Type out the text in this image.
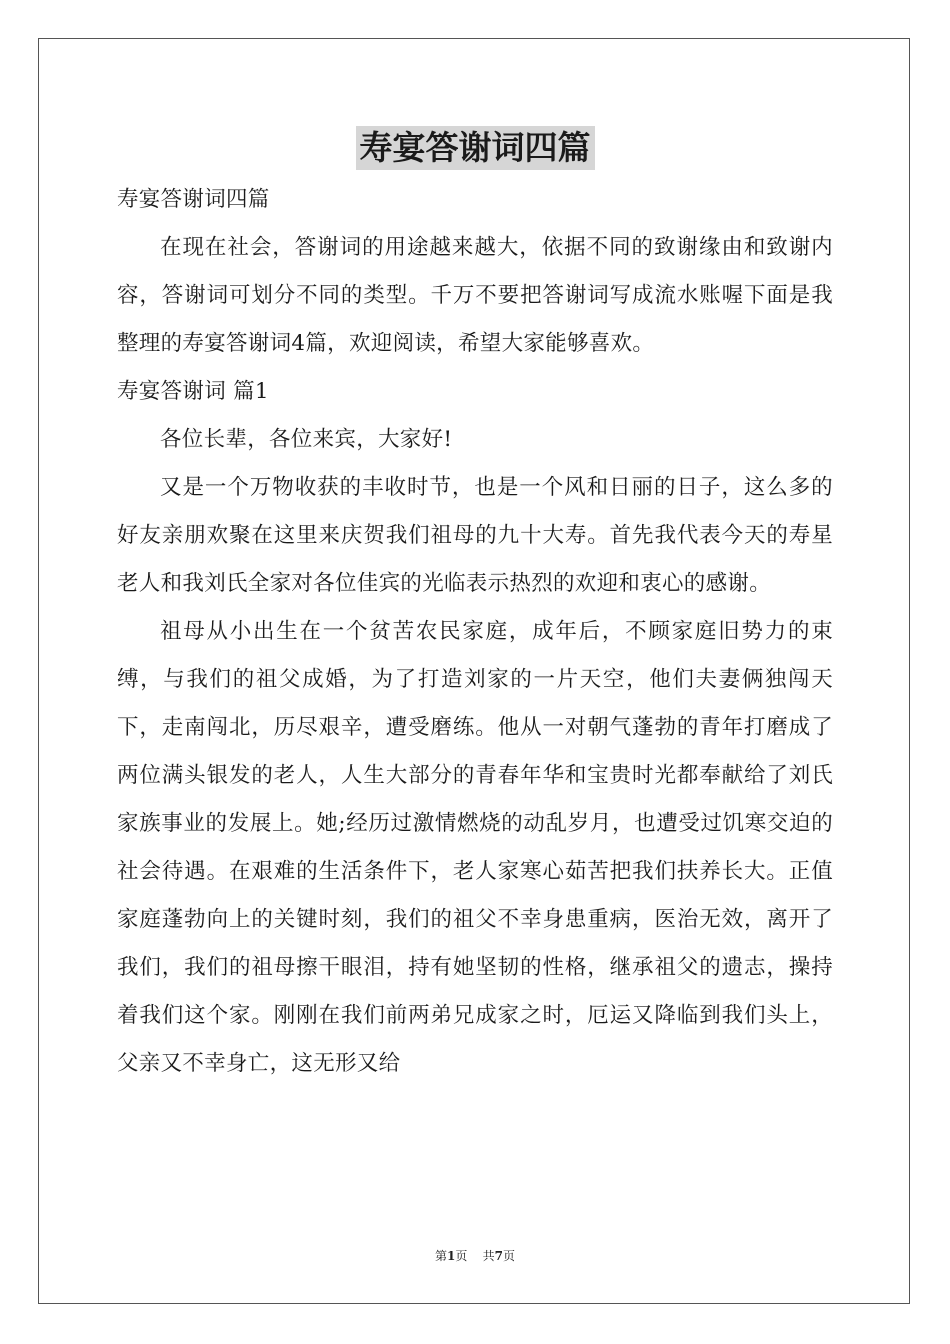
寿宴答谢词四篇

寿宴答谢词四篇

在现在社会，答谢词的用途越来越大，依据不同的致谢缘由和致谢内容，答谢词可划分不同的类型。千万不要把答谢词写成流水账喔下面是我整理的寿宴答谢词4篇，欢迎阅读，希望大家能够喜欢。

寿宴答谢词 篇1

各位长辈，各位来宾，大家好!

又是一个万物收获的丰收时节，也是一个风和日丽的日子，这么多的好友亲朋欢聚在这里来庆贺我们祖母的九十大寿。首先我代表今天的寿星老人和我刘氏全家对各位佳宾的光临表示热烈的欢迎和衷心的感谢。

祖母从小出生在一个贫苦农民家庭，成年后，不顾家庭旧势力的束缚，与我们的祖父成婚，为了打造刘家的一片天空，他们夫妻俩独闯天下，走南闯北，历尽艰辛，遭受磨练。他从一对朝气蓬勃的青年打磨成了两位满头银发的老人，人生大部分的青春年华和宝贵时光都奉献给了刘氏家族事业的发展上。她;经历过激情燃烧的动乱岁月，也遭受过饥寒交迫的社会待遇。在艰难的生活条件下，老人家寒心茹苦把我们扶养长大。正值家庭蓬勃向上的关键时刻，我们的祖父不幸身患重病，医治无效，离开了我们，我们的祖母擦干眼泪，持有她坚韧的性格，继承祖父的遗志，操持着我们这个家。刚刚在我们前两弟兄成家之时，厄运又降临到我们头上，父亲又不幸身亡，这无形又给

第1页 共7页
